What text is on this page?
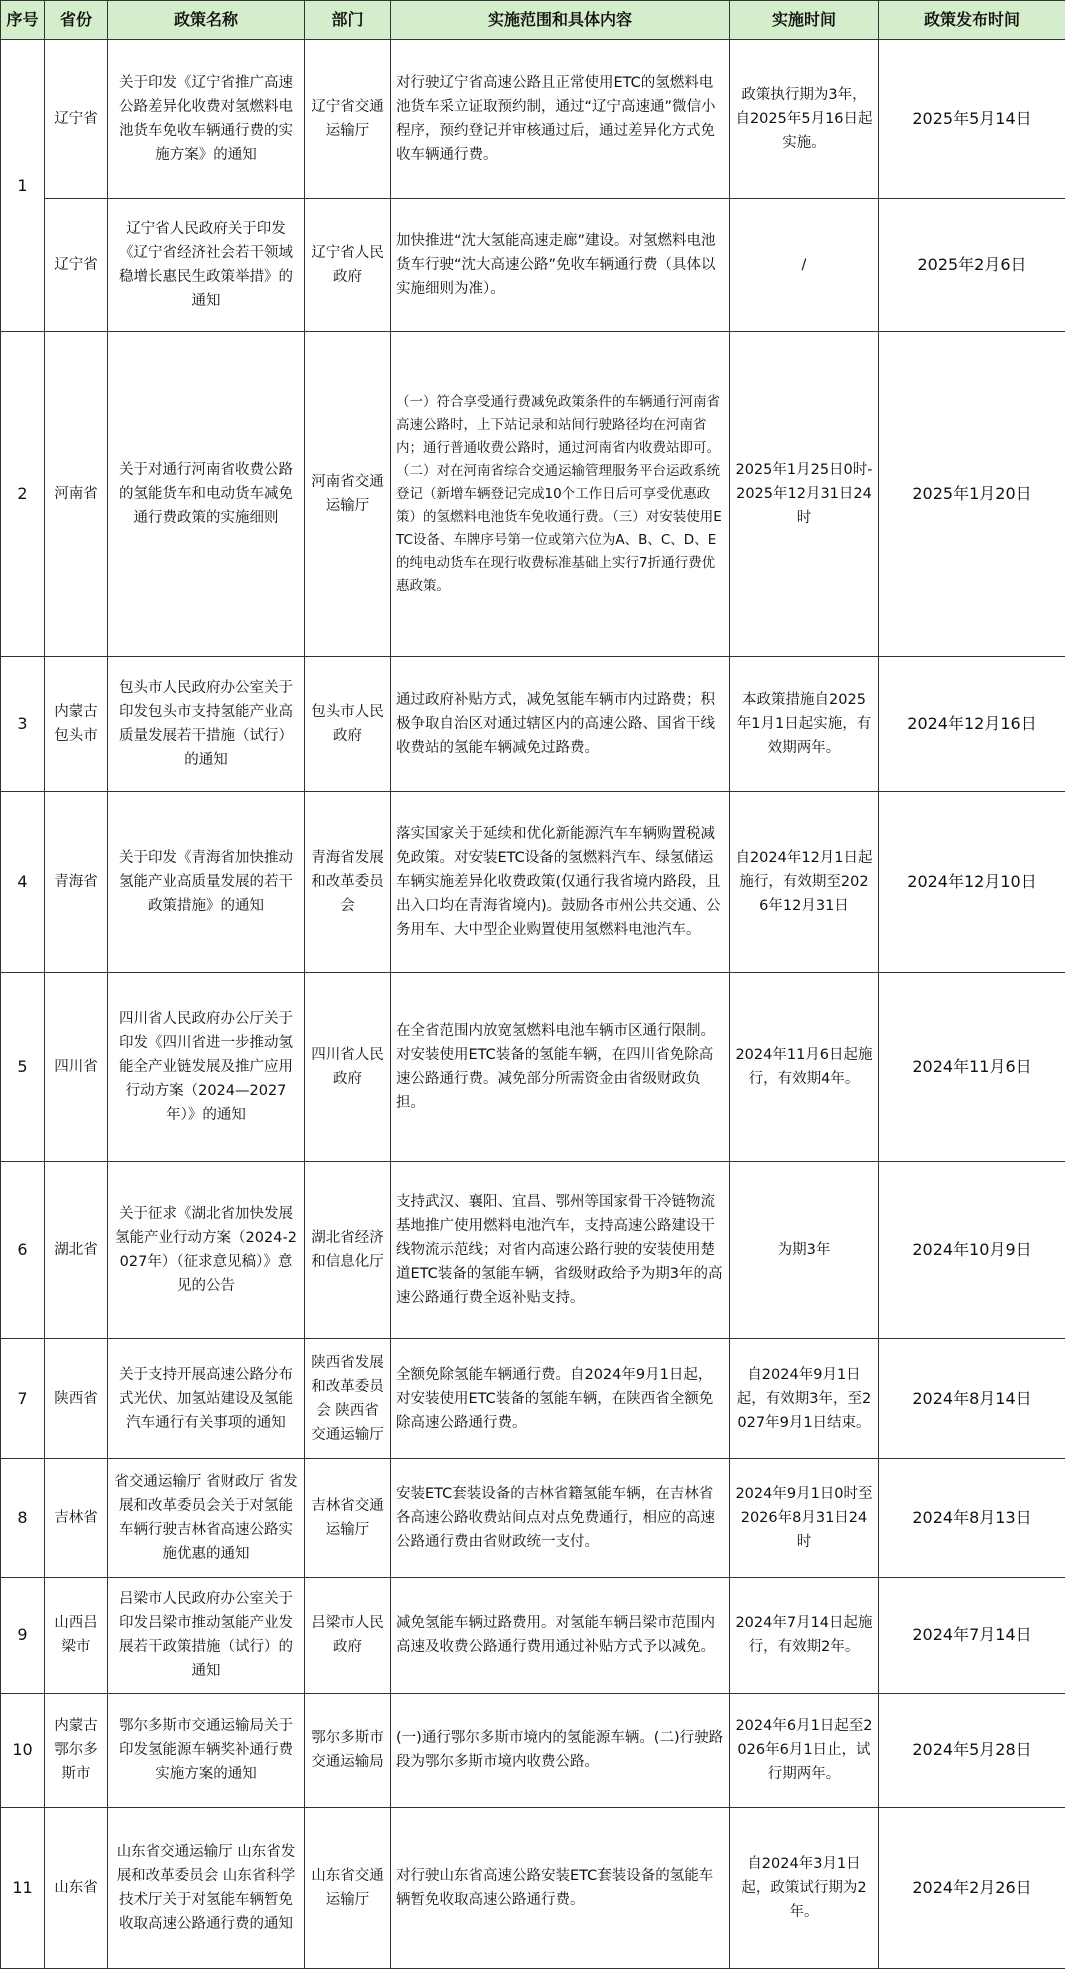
序号	省份	政策名称	部门	实施范围和具体内容	实施时间	政策发布时间
1	辽宁省	关于印发《辽宁省推广高速公路差异化收费对氢燃料电池货车免收车辆通行费的实施方案》的通知	辽宁省交通运输厅	对行驶辽宁省高速公路且正常使用ETC的氢燃料电池货车采立证取预约制，通过“辽宁高速通”微信小程序，预约登记并审核通过后，通过差异化方式免收车辆通行费。	政策执行期为3年，自2025年5月16日起实施。	2025年5月14日
	辽宁省	辽宁省人民政府关于印发《辽宁省经济社会若干领域稳增长惠民生政策举措》的通知	辽宁省人民政府	加快推进“沈大氢能高速走廊”建设。对氢燃料电池货车行驶“沈大高速公路”免收车辆通行费（具体以实施细则为准）。	/	2025年2月6日
2	河南省	关于对通行河南省收费公路的氢能货车和电动货车减免通行费政策的实施细则	河南省交通运输厅	（一）符合享受通行费减免政策条件的车辆通行河南省高速公路时，上下站记录和站间行驶路径均在河南省内；通行普通收费公路时，通过河南省内收费站即可。（二）对在河南省综合交通运输管理服务平台运政系统登记（新增车辆登记完成10个工作日后可享受优惠政策）的氢燃料电池货车免收通行费。（三）对安装使用ETC设备、车牌序号第一位或第六位为A、B、C、D、E的纯电动货车在现行收费标准基础上实行7折通行费优惠政策。	2025年1月25日0时-2025年12月31日24时	2025年1月20日
3	内蒙古包头市	包头市人民政府办公室关于印发包头市支持氢能产业高质量发展若干措施（试行）的通知	包头市人民政府	通过政府补贴方式，减免氢能车辆市内过路费；积极争取自治区对通过辖区内的高速公路、国省干线收费站的氢能车辆减免过路费。	本政策措施自2025年1月1日起实施，有效期两年。	2024年12月16日
4	青海省	关于印发《青海省加快推动氢能产业高质量发展的若干政策措施》的通知	青海省发展和改革委员会	落实国家关于延续和优化新能源汽车车辆购置税减免政策。对安装ETC设备的氢燃料汽车、绿氢储运车辆实施差异化收费政策(仅通行我省境内路段，且出入口均在青海省境内)。鼓励各市州公共交通、公务用车、大中型企业购置使用氢燃料电池汽车。	自2024年12月1日起施行，有效期至2026年12月31日	2024年12月10日
5	四川省	四川省人民政府办公厅关于印发《四川省进一步推动氢能全产业链发展及推广应用行动方案（2024—2027年）》的通知	四川省人民政府	在全省范围内放宽氢燃料电池车辆市区通行限制。对安装使用ETC装备的氢能车辆，在四川省免除高速公路通行费。减免部分所需资金由省级财政负担。	2024年11月6日起施行，有效期4年。	2024年11月6日
6	湖北省	关于征求《湖北省加快发展氢能产业行动方案（2024-2027年）（征求意见稿）》意见的公告	湖北省经济和信息化厅	支持武汉、襄阳、宜昌、鄂州等国家骨干冷链物流基地推广使用燃料电池汽车，支持高速公路建设干线物流示范线；对省内高速公路行驶的安装使用楚道ETC装备的氢能车辆，省级财政给予为期3年的高速公路通行费全返补贴支持。	为期3年	2024年10月9日
7	陕西省	关于支持开展高速公路分布式光伏、加氢站建设及氢能汽车通行有关事项的通知	陕西省发展和改革委员会 陕西省交通运输厅	全额免除氢能车辆通行费。自2024年9月1日起，对安装使用ETC装备的氢能车辆，在陕西省全额免除高速公路通行费。	自2024年9月1日起，有效期3年，至2027年9月1日结束。	2024年8月14日
8	吉林省	省交通运输厅 省财政厅 省发展和改革委员会关于对氢能车辆行驶吉林省高速公路实施优惠的通知	吉林省交通运输厅	安装ETC套装设备的吉林省籍氢能车辆，在吉林省各高速公路收费站间点对点免费通行，相应的高速公路通行费由省财政统一支付。	2024年9月1日0时至2026年8月31日24时	2024年8月13日
9	山西吕梁市	吕梁市人民政府办公室关于印发吕梁市推动氢能产业发展若干政策措施（试行）的通知	吕梁市人民政府	减免氢能车辆过路费用。对氢能车辆吕梁市范围内高速及收费公路通行费用通过补贴方式予以减免。	2024年7月14日起施行，有效期2年。	2024年7月14日
10	内蒙古鄂尔多斯市	鄂尔多斯市交通运输局关于印发氢能源车辆奖补通行费实施方案的通知	鄂尔多斯市交通运输局	(一)通行鄂尔多斯市境内的氢能源车辆。(二)行驶路段为鄂尔多斯市境内收费公路。	2024年6月1日起至2026年6月1日止，试行期两年。	2024年5月28日
11	山东省	山东省交通运输厅 山东省发展和改革委员会 山东省科学技术厅关于对氢能车辆暂免收取高速公路通行费的通知	山东省交通运输厅	对行驶山东省高速公路安装ETC套装设备的氢能车辆暂免收取高速公路通行费。	自2024年3月1日起，政策试行期为2年。	2024年2月26日
